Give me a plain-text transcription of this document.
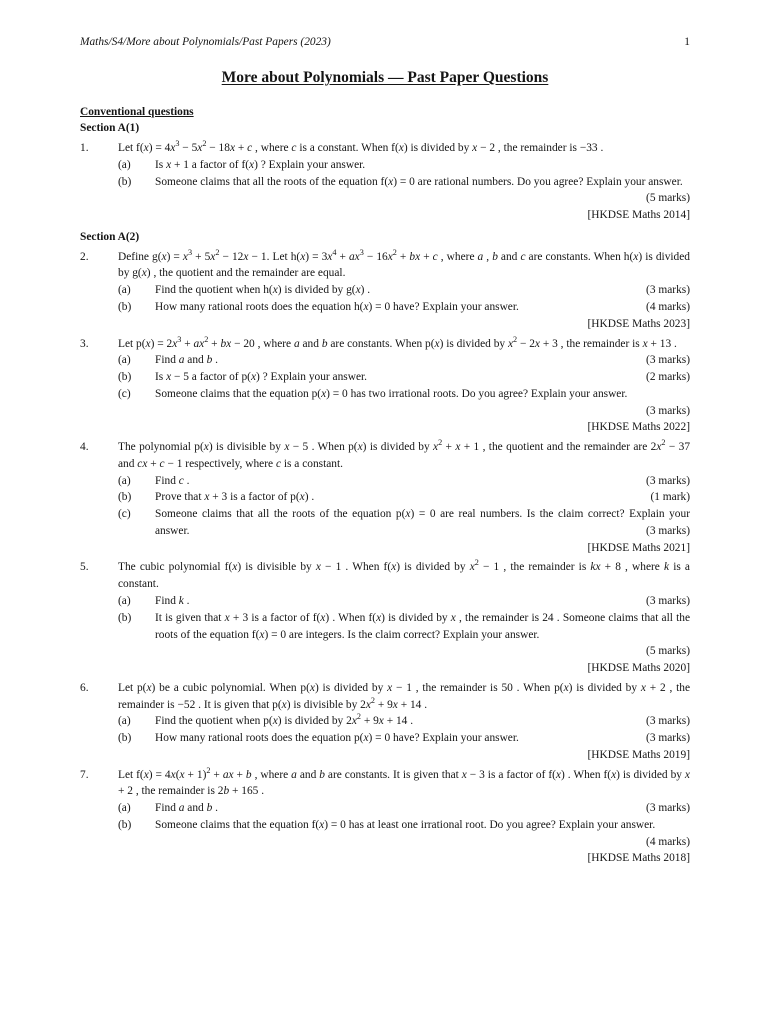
Maths/S4/More about Polynomials/Past Papers (2023)	1
More about Polynomials — Past Paper Questions
Conventional questions
Section A(1)
1.	Let $f(x) = 4x^3 - 5x^2 - 18x + c$ , where c is a constant. When f(x) is divided by x − 2 , the remainder is −33 .
(a)	Is x + 1 a factor of f(x) ? Explain your answer.
(b)	Someone claims that all the roots of the equation f(x) = 0 are rational numbers. Do you agree? Explain your answer.
(5 marks)
[HKDSE Maths 2014]
Section A(2)
2.	Define $g(x) = x^3 + 5x^2 - 12x - 1$. Let $h(x) = 3x^4 + ax^3 - 16x^2$ + bx + c , where a , b and c are constants. When h(x) is divided by g(x) , the quotient and the remainder are equal.
(a)	Find the quotient when h(x) is divided by g(x) .	(3 marks)
(b)	How many rational roots does the equation h(x) = 0 have? Explain your answer.	(4 marks)
[HKDSE Maths 2023]
3.	Let $p(x) = 2x^3 + ax^2$ + bx − 20 , where a and b are constants. When p(x) is divided by $x^2 - 2x + 3$ , the remainder is x + 13 .
(a)	Find a and b .	(3 marks)
(b)	Is x − 5 a factor of p(x) ? Explain your answer.	(2 marks)
(c)	Someone claims that the equation p(x) = 0 has two irrational roots. Do you agree? Explain your answer.
(3 marks)
[HKDSE Maths 2022]
4.	The polynomial p(x) is divisible by x − 5 . When p(x) is divided by $x^2 + x + 1$ , the quotient and the remainder are $2x^2 - 37$ and cx + c − 1 respectively, where c is a constant.
(a)	Find c .	(3 marks)
(b)	Prove that x + 3 is a factor of p(x) .	(1 mark)
(c)	Someone claims that all the roots of the equation p(x) = 0 are real numbers. Is the claim correct? Explain your answer.	(3 marks)
[HKDSE Maths 2021]
5.	The cubic polynomial f(x) is divisible by x − 1 . When f(x) is divided by $x^2 - 1$ , the remainder is kx + 8 , where k is a constant.
(a)	Find k .	(3 marks)
(b)	It is given that x + 3 is a factor of f(x) . When f(x) is divided by x , the remainder is 24 . Someone claims that all the roots of the equation f(x) = 0 are integers. Is the claim correct? Explain your answer.
(5 marks)
[HKDSE Maths 2020]
6.	Let p(x) be a cubic polynomial. When p(x) is divided by x − 1 , the remainder is 50 . When p(x) is divided by x + 2 , the remainder is −52 . It is given that p(x) is divisible by $2x^2 + 9x + 14$ .
(a)	Find the quotient when p(x) is divided by $2x^2 + 9x + 14$ .	(3 marks)
(b)	How many rational roots does the equation p(x) = 0 have? Explain your answer.	(3 marks)
[HKDSE Maths 2019]
7.	Let $f(x) = 4x(x + 1)^2$ + ax + b , where a and b are constants. It is given that x − 3 is a factor of f(x) . When f(x) is divided by x + 2 , the remainder is 2b + 165 .
(a)	Find a and b .	(3 marks)
(b)	Someone claims that the equation f(x) = 0 has at least one irrational root. Do you agree? Explain your answer.
(4 marks)
[HKDSE Maths 2018]
